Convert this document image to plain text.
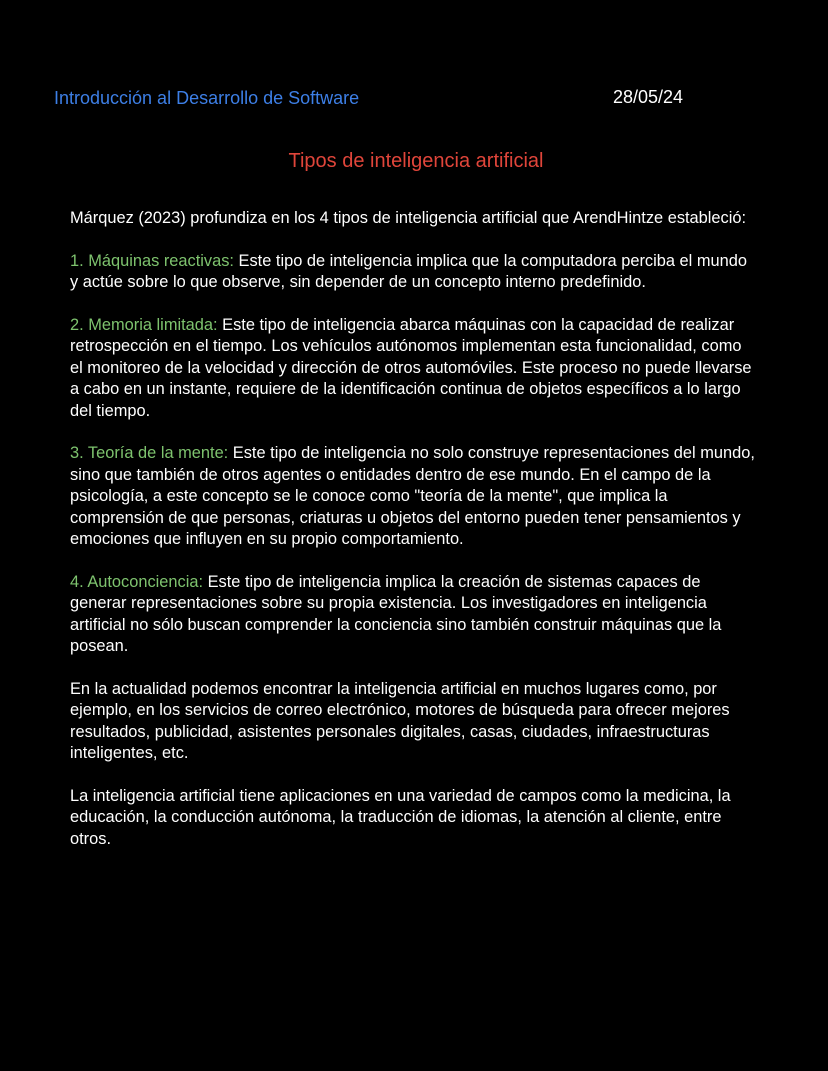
Introducción al Desarrollo de Software	28/05/24
Tipos de inteligencia artificial

Márquez (2023) profundiza en los 4 tipos de inteligencia artificial que ArendHintze estableció:

1. Máquinas reactivas: Este tipo de inteligencia implica que la computadora perciba el mundo y actúe sobre lo que observe, sin depender de un concepto interno predefinido.

2. Memoria limitada: Este tipo de inteligencia abarca máquinas con la capacidad de realizar retrospección en el tiempo. Los vehículos autónomos implementan esta funcionalidad, como el monitoreo de la velocidad y dirección de otros automóviles. Este proceso no puede llevarse a cabo en un instante, requiere de la identificación continua de objetos específicos a lo largo del tiempo.

3. Teoría de la mente: Este tipo de inteligencia no solo construye representaciones del mundo, sino que también de otros agentes o entidades dentro de ese mundo. En el campo de la psicología, a este concepto se le conoce como "teoría de la mente", que implica la comprensión de que personas, criaturas u objetos del entorno pueden tener pensamientos y emociones que influyen en su propio comportamiento.

4. Autoconciencia: Este tipo de inteligencia implica la creación de sistemas capaces de generar representaciones sobre su propia existencia. Los investigadores en inteligencia artificial no sólo buscan comprender la conciencia sino también construir máquinas que la posean.

En la actualidad podemos encontrar la inteligencia artificial en muchos lugares como, por ejemplo, en los servicios de correo electrónico, motores de búsqueda para ofrecer mejores resultados, publicidad, asistentes personales digitales, casas, ciudades, infraestructuras inteligentes, etc.

La inteligencia artificial tiene aplicaciones en una variedad de campos como la medicina, la educación, la conducción autónoma, la traducción de idiomas, la atención al cliente, entre otros.
